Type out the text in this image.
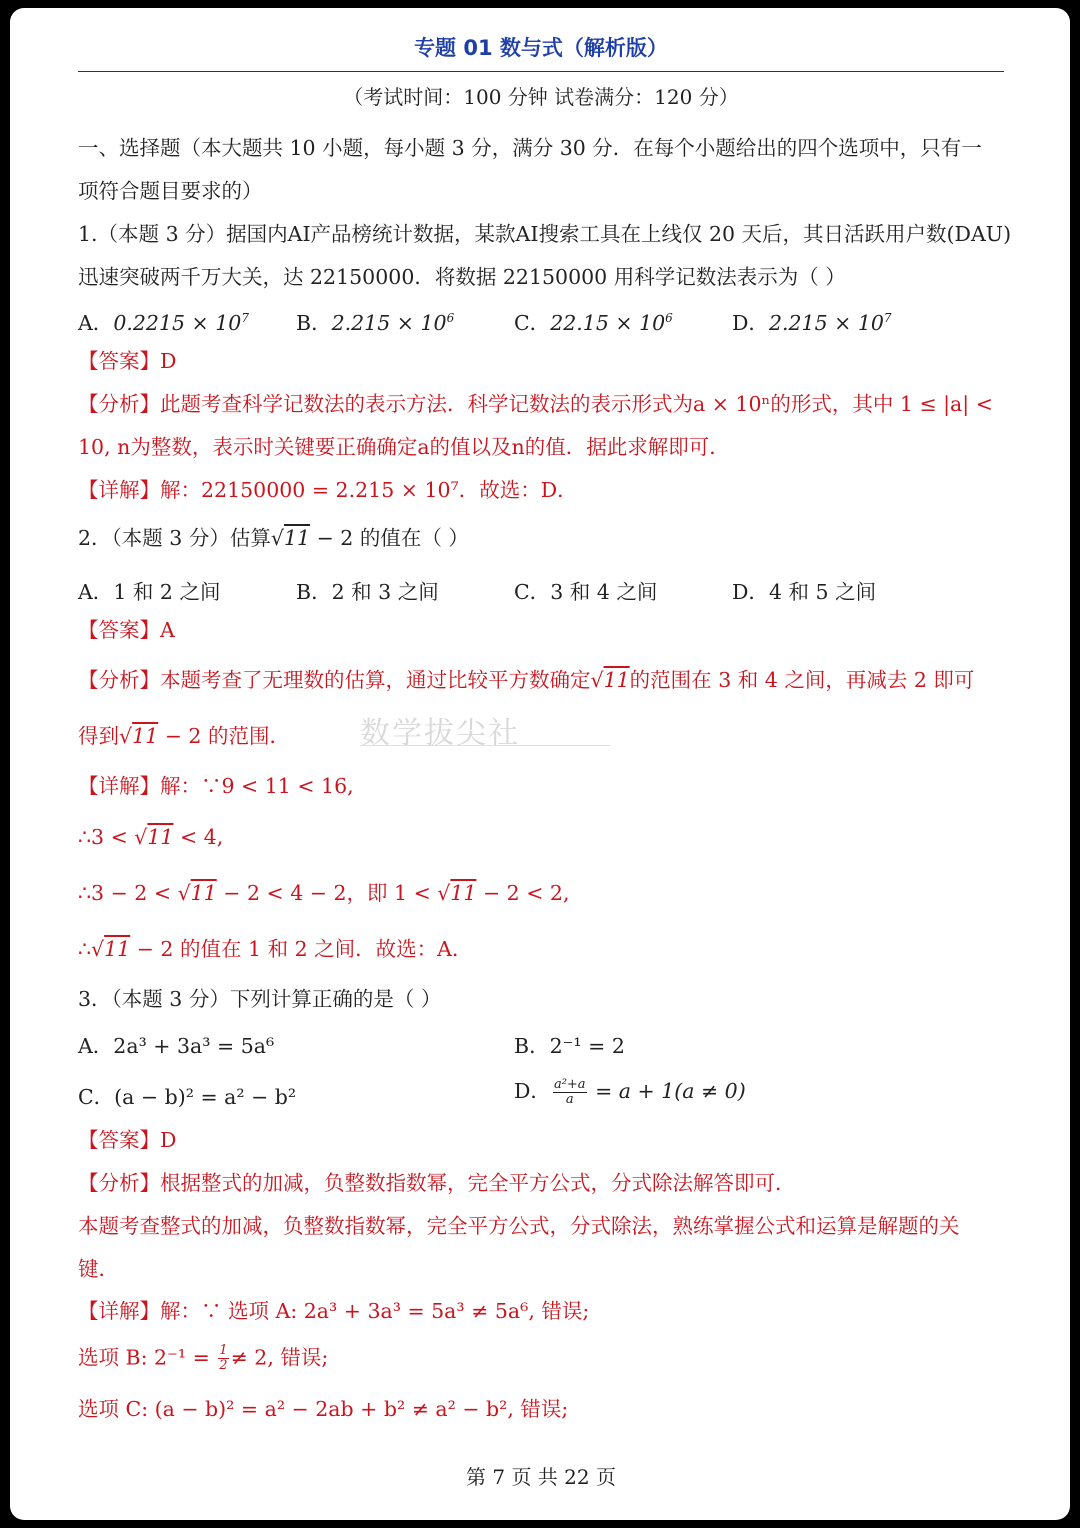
数学拔尖社
专题 01 数与式（解析版）
（考试时间：100 分钟 试卷满分：120 分）
一、选择题（本大题共 10 小题，每小题 3 分，满分 30 分．在每个小题给出的四个选项中，只有一
项符合题目要求的）
1.（本题 3 分）据国内AI产品榜统计数据，某款AI搜索工具在上线仅 20 天后，其日活跃用户数(DAU)
迅速突破两千万大关，达 22150000．将数据 22150000 用科学记数法表示为（ ）
A．$0.2215 \times 10^7$ B．$2.215 \times 10^6$	C．$22.15 \times 10^6$	D．$2.215 \times 10^7$
【答案】D
【分析】此题考查科学记数法的表示方法．科学记数法的表示形式为a × 10ⁿ的形式，其中 1 ≤ |a| <
10, n为整数，表示时关键要正确确定a的值以及n的值．据此求解即可．
【详解】解：22150000 = 2.215 × 10⁷．故选：D．
2．（本题 3 分）估算√11 − 2 的值在（ ）
A．1 和 2 之间	B．2 和 3 之间	C．3 和 4 之间	D．4 和 5 之间
【答案】A
【分析】本题考查了无理数的估算，通过比较平方数确定√11的范围在 3 和 4 之间，再减去 2 即可
得到√11 − 2 的范围．
【详解】解：∵9 < 11 < 16,
∴3 < √11 < 4,
∴3 − 2 < √11 − 2 < 4 − 2，即 1 < √11 − 2 < 2,
∴√11 − 2 的值在 1 和 2 之间．故选：A．
3．（本题 3 分）下列计算正确的是（ ）
A．2a³ + 3a³ = 5a⁶	B．2⁻¹ = 2
C．(a − b)² = a² − b²	D． $\frac{\text{a²+a}}{a} = a + 1(a \ne 0)$
【答案】D
【分析】根据整式的加减，负整数指数幂，完全平方公式，分式除法解答即可．
本题考查整式的加减，负整数指数幂，完全平方公式，分式除法，熟练掌握公式和运算是解题的关
键．
【详解】解：∵ 选项 A: 2a³ + 3a³ = 5a³ ≠ 5a⁶, 错误;
选项 B: $2^{-1} = \frac{1}{2} \ne 2$, 错误;
选项 C: (a − b)² = a² − 2ab + b² ≠ a² − b², 错误;
第 7 页 共 22 页
